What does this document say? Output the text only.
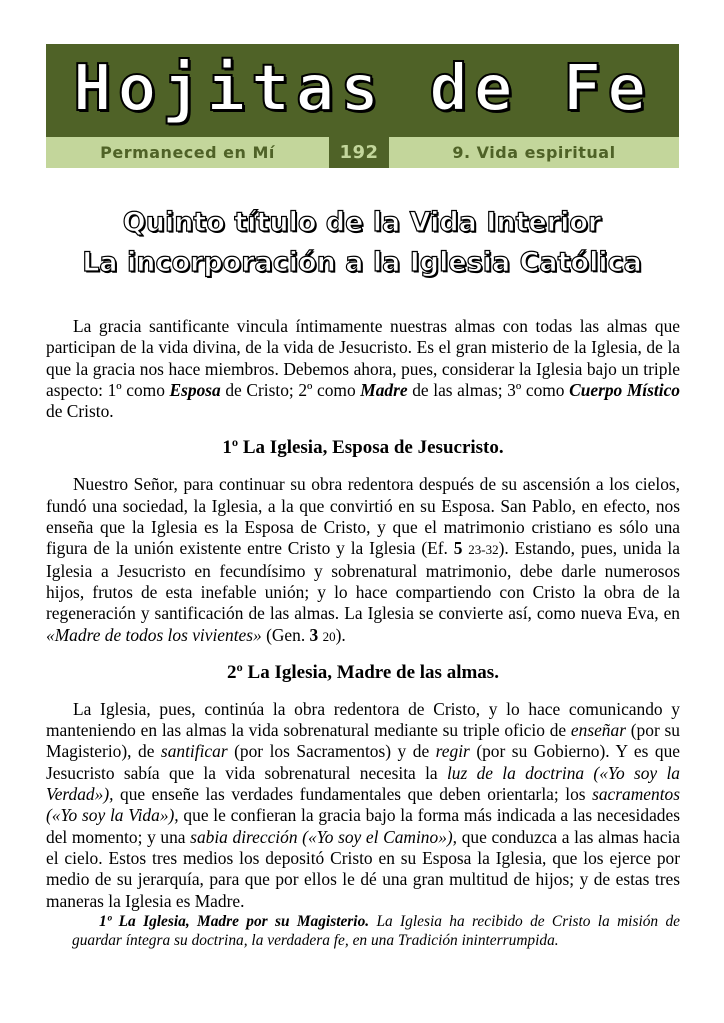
Hojitas de Fe
Permaneced en Mí	192	9. Vida espiritual
Quinto título de la Vida Interior
La incorporación a la Iglesia Católica

La gracia santificante vincula íntimamente nuestras almas con todas las almas que participan de la vida divina, de la vida de Jesucristo. Es el gran misterio de la Iglesia, de la que la gracia nos hace miembros. Debemos ahora, pues, considerar la Iglesia bajo un triple aspecto: 1º como Esposa de Cristo; 2º como Madre de las almas; 3º como Cuerpo Místico de Cristo.

1º La Iglesia, Esposa de Jesucristo.

Nuestro Señor, para continuar su obra redentora después de su ascensión a los cielos, fundó una sociedad, la Iglesia, a la que convirtió en su Esposa. San Pablo, en efecto, nos enseña que la Iglesia es la Esposa de Cristo, y que el matrimonio cristiano es sólo una figura de la unión existente entre Cristo y la Iglesia (Ef. 5 23-32). Estando, pues, unida la Iglesia a Jesucristo en fecundísimo y sobrenatural matrimonio, debe darle numerosos hijos, frutos de esta inefable unión; y lo hace compartiendo con Cristo la obra de la regeneración y santificación de las almas. La Iglesia se convierte así, como nueva Eva, en «Madre de todos los vivientes» (Gen. 3 20).

2º La Iglesia, Madre de las almas.

La Iglesia, pues, continúa la obra redentora de Cristo, y lo hace comunicando y manteniendo en las almas la vida sobrenatural mediante su triple oficio de enseñar (por su Magisterio), de santificar (por los Sacramentos) y de regir (por su Gobierno). Y es que Jesucristo sabía que la vida sobrenatural necesita la luz de la doctrina («Yo soy la Verdad»), que enseñe las verdades fundamentales que deben orientarla; los sacramentos («Yo soy la Vida»), que le confieran la gracia bajo la forma más indicada a las necesidades del momento; y una sabia dirección («Yo soy el Camino»), que conduzca a las almas hacia el cielo. Estos tres medios los depositó Cristo en su Esposa la Iglesia, que los ejerce por medio de su jerarquía, para que por ellos le dé una gran multitud de hijos; y de estas tres maneras la Iglesia es Madre.

1º La Iglesia, Madre por su Magisterio. La Iglesia ha recibido de Cristo la misión de guardar íntegra su doctrina, la verdadera fe, en una Tradición ininterrumpida.
